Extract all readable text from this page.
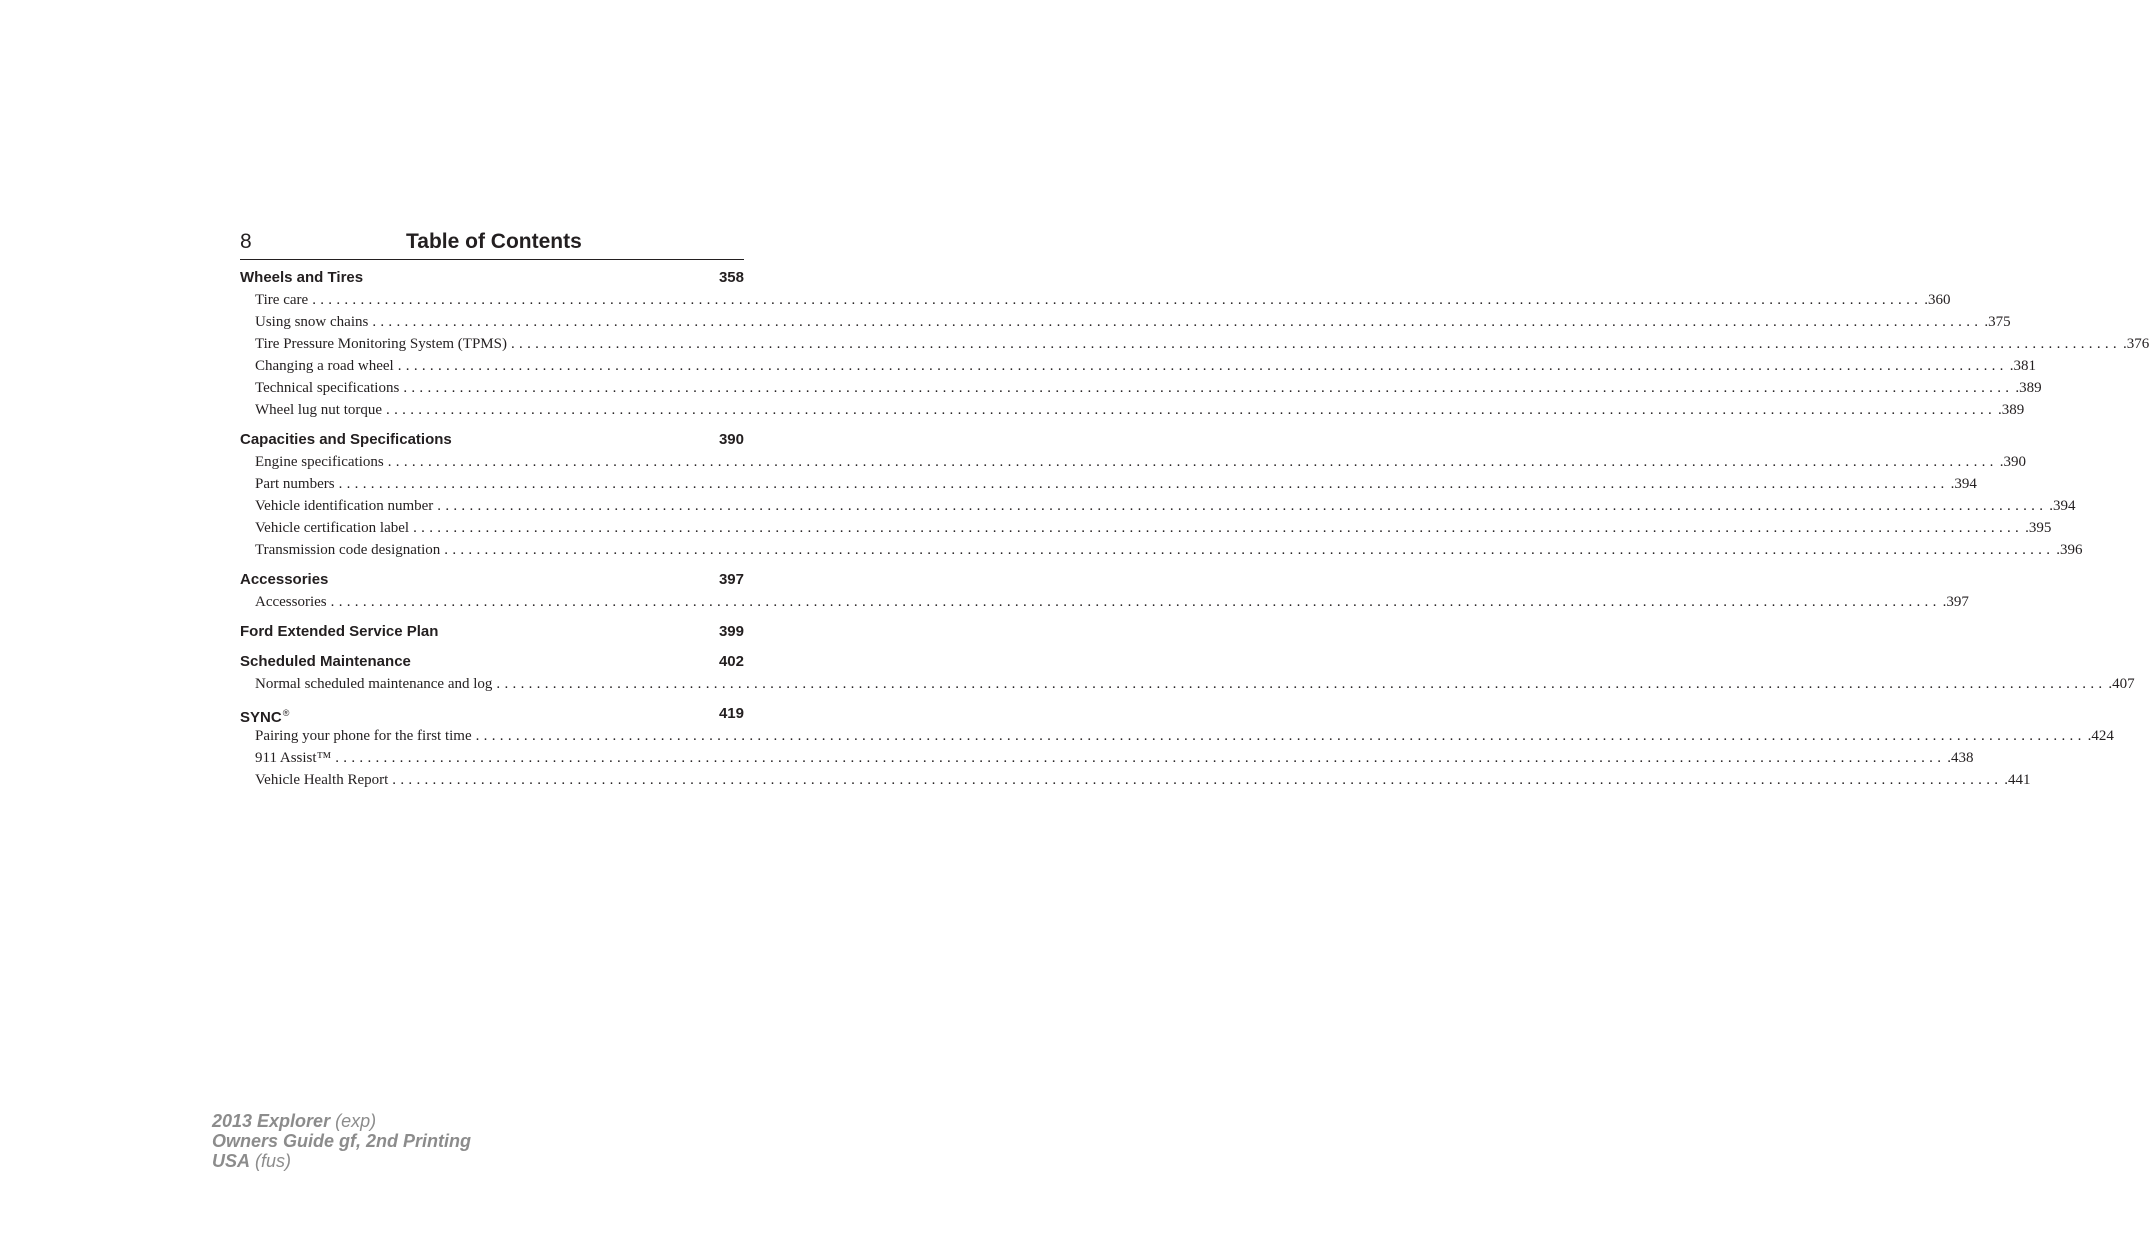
8	Table of Contents
Wheels and Tires	358
Tire care ........................................................................................................................................................................................................ .360
Using snow chains ........................................................................................................................................................................................................ .375
Tire Pressure Monitoring System (TPMS) ........................................................................................................................................................................................................ .376
Changing a road wheel ........................................................................................................................................................................................................ .381
Technical specifications ........................................................................................................................................................................................................ .389
Wheel lug nut torque ........................................................................................................................................................................................................ .389
Capacities and Specifications	390
Engine specifications ........................................................................................................................................................................................................ .390
Part numbers ........................................................................................................................................................................................................ .394
Vehicle identification number ........................................................................................................................................................................................................ .394
Vehicle certification label ........................................................................................................................................................................................................ .395
Transmission code designation ........................................................................................................................................................................................................ .396
Accessories	397
Accessories ........................................................................................................................................................................................................ .397
Ford Extended Service Plan	399
Scheduled Maintenance	402
Normal scheduled maintenance and log ........................................................................................................................................................................................................ .407
SYNC®	419
Pairing your phone for the first time ........................................................................................................................................................................................................ .424
911 Assist™ ........................................................................................................................................................................................................ .438
Vehicle Health Report ........................................................................................................................................................................................................ .441
2013 Explorer (exp)
Owners Guide gf, 2nd Printing
USA (fus)
